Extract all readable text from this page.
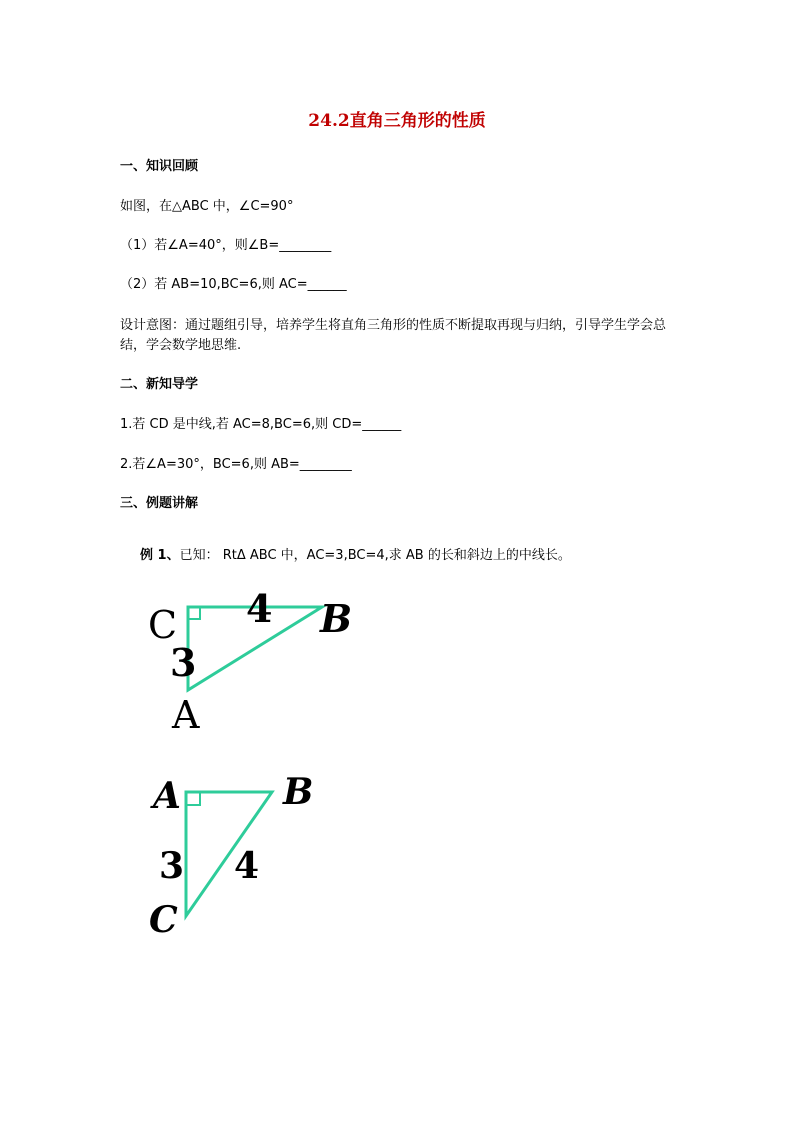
24.2直角三角形的性质
一、知识回顾
如图，在△ABC 中，∠C=90°
（1）若∠A=40°，则∠B=________
（2）若 AB=10,BC=6,则 AC=______
设计意图：通过题组引导，培养学生将直角三角形的性质不断提取再现与归纳，引导学生学会总结，学会数学地思维.
二、新知导学
1.若 CD 是中线,若 AC=8,BC=6,则 CD=______
2.若∠A=30°，BC=6,则 AB=________
三、例题讲解
例 1、已知： RtΔ ABC 中，AC=3,BC=4,求 AB 的长和斜边上的中线长。
C 4 B
3
A
A	B
3 4
C
